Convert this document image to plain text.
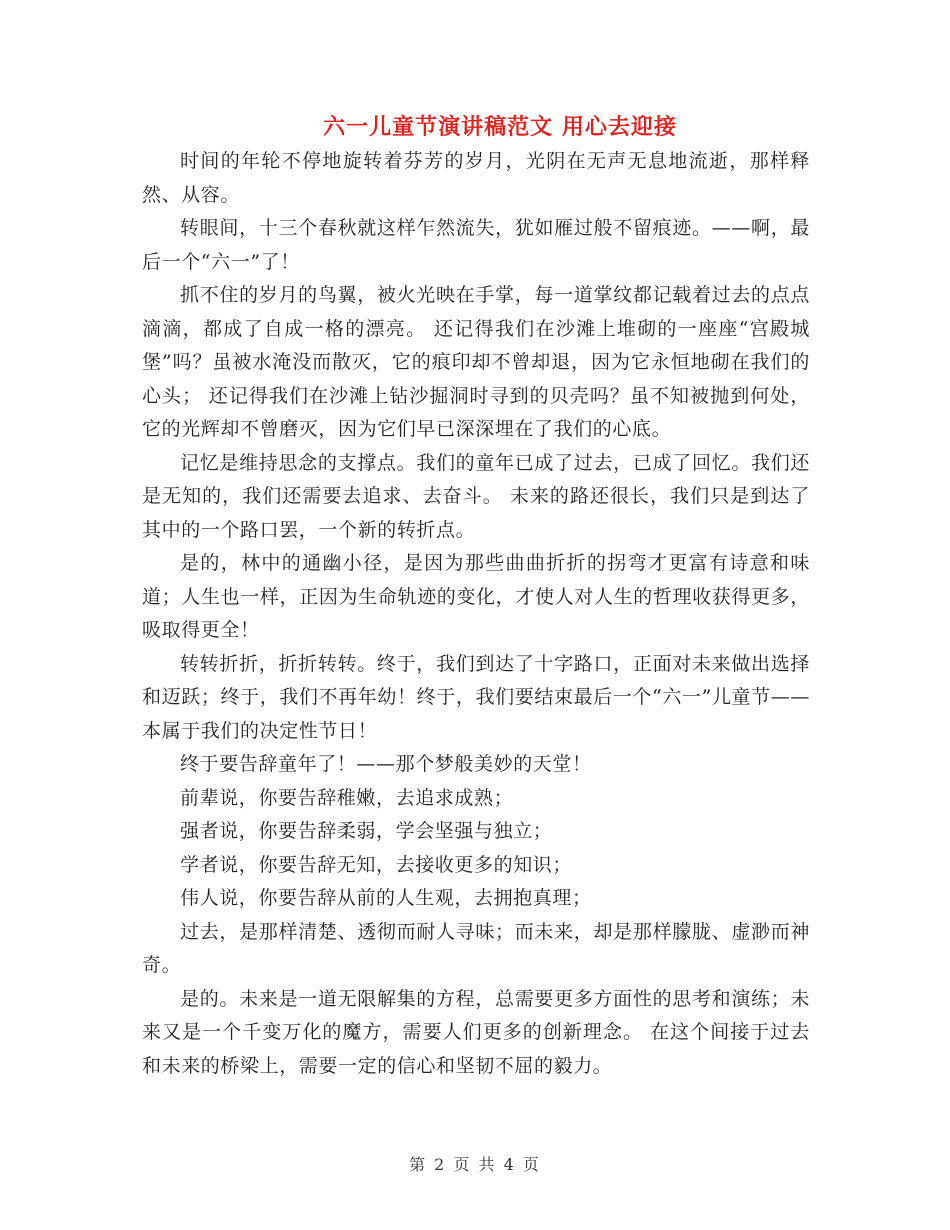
六一儿童节演讲稿范文 用心去迎接

时间的年轮不停地旋转着芬芳的岁月，光阴在无声无息地流逝，那样释然、从容。

转眼间，十三个春秋就这样乍然流失，犹如雁过般不留痕迹。——啊，最后一个“六一”了！

抓不住的岁月的鸟翼，被火光映在手掌，每一道掌纹都记载着过去的点点滴滴，都成了自成一格的漂亮。 还记得我们在沙滩上堆砌的一座座“宫殿城堡”吗？虽被水淹没而散灭，它的痕印却不曾却退，因为它永恒地砌在我们的心头； 还记得我们在沙滩上钻沙掘洞时寻到的贝壳吗？虽不知被抛到何处，它的光辉却不曾磨灭，因为它们早已深深埋在了我们的心底。

记忆是维持思念的支撑点。我们的童年已成了过去，已成了回忆。我们还是无知的，我们还需要去追求、去奋斗。 未来的路还很长，我们只是到达了其中的一个路口罢，一个新的转折点。

是的，林中的通幽小径，是因为那些曲曲折折的拐弯才更富有诗意和味道；人生也一样，正因为生命轨迹的变化，才使人对人生的哲理收获得更多，吸取得更全！

转转折折，折折转转。终于，我们到达了十字路口，正面对未来做出选择和迈跃；终于，我们不再年幼！终于，我们要结束最后一个“六一”儿童节——本属于我们的决定性节日！

终于要告辞童年了！——那个梦般美妙的天堂！

前辈说，你要告辞稚嫩，去追求成熟；

强者说，你要告辞柔弱，学会坚强与独立；

学者说，你要告辞无知，去接收更多的知识；

伟人说，你要告辞从前的人生观，去拥抱真理；

过去，是那样清楚、透彻而耐人寻味；而未来，却是那样朦胧、虚渺而神奇。

是的。未来是一道无限解集的方程，总需要更多方面性的思考和演练；未来又是一个千变万化的魔方，需要人们更多的创新理念。 在这个间接于过去和未来的桥梁上，需要一定的信心和坚韧不屈的毅力。

第 2 页 共 4 页
